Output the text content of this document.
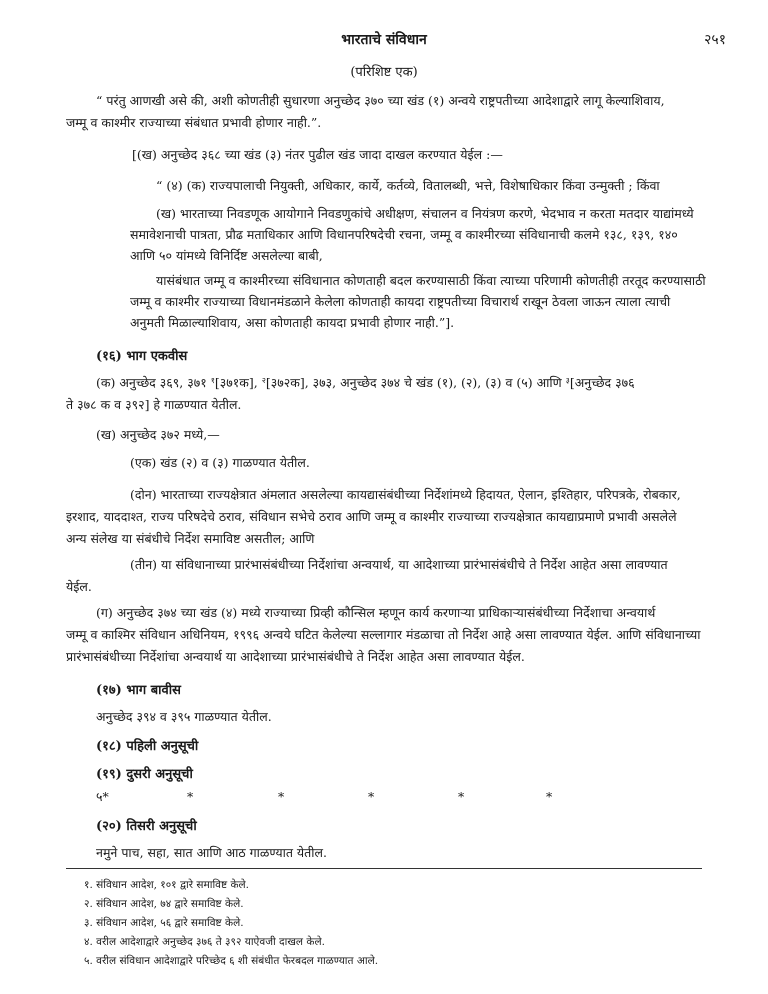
भारताचे संविधान	२५१
(परिशिष्ट एक)
“ परंतु आणखी असे की, अशी कोणतीही सुधारणा अनुच्छेद ३७० च्या खंड (१) अन्वये राष्ट्रपतीच्या आदेशाद्वारे लागू केल्याशिवाय,
जम्मू व काश्मीर राज्याच्या संबंधात प्रभावी होणार नाही.”.
[(ख) अनुच्छेद ३६८ च्या खंड (३) नंतर पुढील खंड जादा दाखल करण्यात येईल :—
“ (४) (क) राज्यपालाची नियुक्ती, अधिकार, कार्ये, कर्तव्ये, वितालब्धी, भत्ते, विशेषाधिकार किंवा उन्मुक्ती ; किंवा
(ख) भारताच्या निवडणूक आयोगाने निवडणुकांचे अधीक्षण, संचालन व नियंत्रण करणे, भेदभाव न करता मतदार याद्यांमध्ये
समावेशनाची पात्रता, प्रौढ मताधिकार आणि विधानपरिषदेची रचना, जम्मू व काश्मीरच्या संविधानाची कलमे १३८, १३९, १४०
आणि ५० यांमध्ये विनिर्दिष्ट असलेल्या बाबी,
यासंबंधात जम्मू व काश्मीरच्या संविधानात कोणताही बदल करण्यासाठी किंवा त्याच्या परिणामी कोणतीही तरतूद करण्यासाठी
जम्मू व काश्मीर राज्याच्या विधानमंडळाने केलेला कोणताही कायदा राष्ट्रपतीच्या विचारार्थ राखून ठेवला जाऊन त्याला त्याची
अनुमती मिळाल्याशिवाय, असा कोणताही कायदा प्रभावी होणार नाही.”].
(१६) भाग एकवीस
(क) अनुच्छेद ३६९, ३७१ $^१$[३७१क], $^२$[३७२क], ३७३, अनुच्छेद ३७४ चे खंड (१), (२), (३) व (५) आणि $^३$[अनुच्छेद ३७६
ते ३७८ क व ३९२] हे गाळण्यात येतील.
(ख) अनुच्छेद ३७२ मध्ये,—
(एक) खंड (२) व (३) गाळण्यात येतील.
(दोन) भारताच्या राज्यक्षेत्रात अंमलात असलेल्या कायद्यासंबंधीच्या निर्देशांमध्ये हिदायत, ऐलान, इश्तिहार, परिपत्रके, रोबकार,
इरशाद, याददाश्त, राज्य परिषदेचे ठराव, संविधान सभेचे ठराव आणि जम्मू व काश्मीर राज्याच्या राज्यक्षेत्रात कायद्याप्रमाणे प्रभावी असलेले
अन्य संलेख या संबंधीचे निर्देश समाविष्ट असतील; आणि
(तीन) या संविधानाच्या प्रारंभासंबंधीच्या निर्देशांचा अन्वयार्थ, या आदेशाच्या प्रारंभासंबंधीचे ते निर्देश आहेत असा लावण्यात
येईल.
(ग) अनुच्छेद ३७४ च्या खंड (४) मध्ये राज्याच्या प्रिव्ही कौन्सिल म्हणून कार्य करणाऱ्या प्राधिकाऱ्यासंबंधीच्या निर्देशाचा अन्वयार्थ
जम्मू व काश्मिर संविधान अधिनियम, १९९६ अन्वये घटित केलेल्या सल्लागार मंडळाचा तो निर्देश आहे असा लावण्यात येईल. आणि संविधानाच्या
प्रारंभासंबंधीच्या निर्देशांचा अन्वयार्थ या आदेशाच्या प्रारंभासंबंधीचे ते निर्देश आहेत असा लावण्यात येईल.
(१७) भाग बावीस
अनुच्छेद ३९४ व ३९५ गाळण्यात येतील.
(१८) पहिली अनुसूची
(१९) दुसरी अनुसूची
५*	*	*	*	*	*
(२०) तिसरी अनुसूची
नमुने पाच, सहा, सात आणि आठ गाळण्यात येतील.
१. संविधान आदेश, १०१ द्वारे समाविष्ट केले.
२. संविधान आदेश, ७४ द्वारे समाविष्ट केले.
३. संविधान आदेश, ५६ द्वारे समाविष्ट केले.
४. वरील आदेशाद्वारे अनुच्छेद ३७६ ते ३९२ याऐवजी दाखल केले.
५. वरील संविधान आदेशाद्वारे परिच्छेद ६ शी संबंधीत फेरबदल गाळण्यात आले.
